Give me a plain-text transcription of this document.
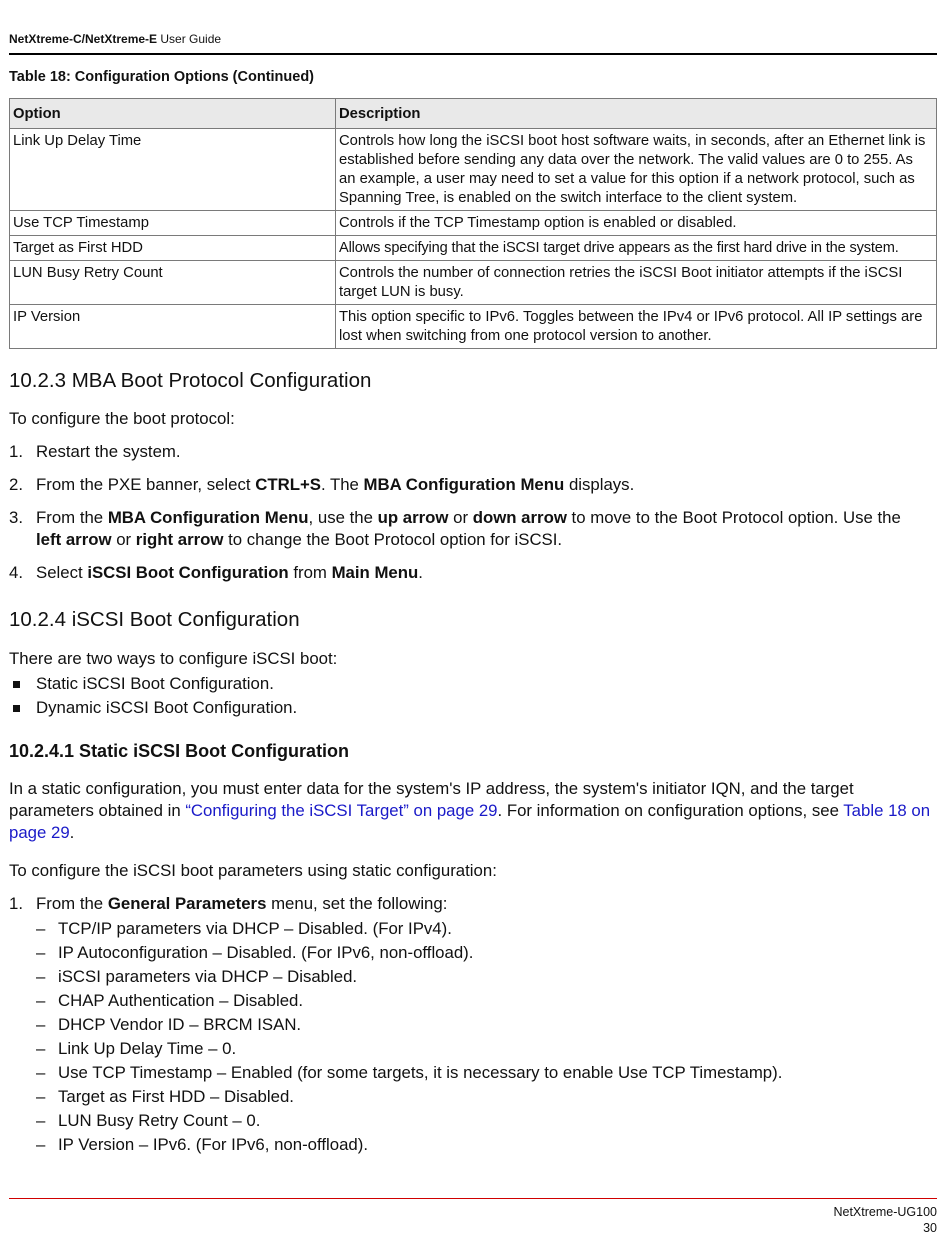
NetXtreme-C/NetXtreme-E User Guide
Table 18: Configuration Options (Continued)
Option	Description
Link Up Delay Time	Controls how long the iSCSI boot host software waits, in seconds, after an Ethernet link is established before sending any data over the network. The valid values are 0 to 255. As an example, a user may need to set a value for this option if a network protocol, such as Spanning Tree, is enabled on the switch interface to the client system.
Use TCP Timestamp	Controls if the TCP Timestamp option is enabled or disabled.
Target as First HDD	Allows specifying that the iSCSI target drive appears as the first hard drive in the system.
LUN Busy Retry Count	Controls the number of connection retries the iSCSI Boot initiator attempts if the iSCSI target LUN is busy.
IP Version	This option specific to IPv6. Toggles between the IPv4 or IPv6 protocol. All IP settings are lost when switching from one protocol version to another.
10.2.3 MBA Boot Protocol Configuration

To configure the boot protocol:

1. Restart the system.
2. From the PXE banner, select CTRL+S. The MBA Configuration Menu displays.
3. From the MBA Configuration Menu, use the up arrow or down arrow to move to the Boot Protocol option. Use the left arrow or right arrow to change the Boot Protocol option for iSCSI.
4. Select iSCSI Boot Configuration from Main Menu.
10.2.4 iSCSI Boot Configuration

There are two ways to configure iSCSI boot:

Static iSCSI Boot Configuration.
Dynamic iSCSI Boot Configuration.
10.2.4.1 Static iSCSI Boot Configuration

In a static configuration, you must enter data for the system's IP address, the system's initiator IQN, and the target parameters obtained in “Configuring the iSCSI Target” on page 29. For information on configuration options, see Table 18 on page 29.

To configure the iSCSI boot parameters using static configuration:

1. From the General Parameters menu, set the following:
– TCP/IP parameters via DHCP – Disabled. (For IPv4).
– IP Autoconfiguration – Disabled. (For IPv6, non-offload).
– iSCSI parameters via DHCP – Disabled.
– CHAP Authentication – Disabled.
– DHCP Vendor ID – BRCM ISAN.
– Link Up Delay Time – 0.
– Use TCP Timestamp – Enabled (for some targets, it is necessary to enable Use TCP Timestamp).
– Target as First HDD – Disabled.
– LUN Busy Retry Count – 0.
– IP Version – IPv6. (For IPv6, non-offload).
NetXtreme-UG100
30
